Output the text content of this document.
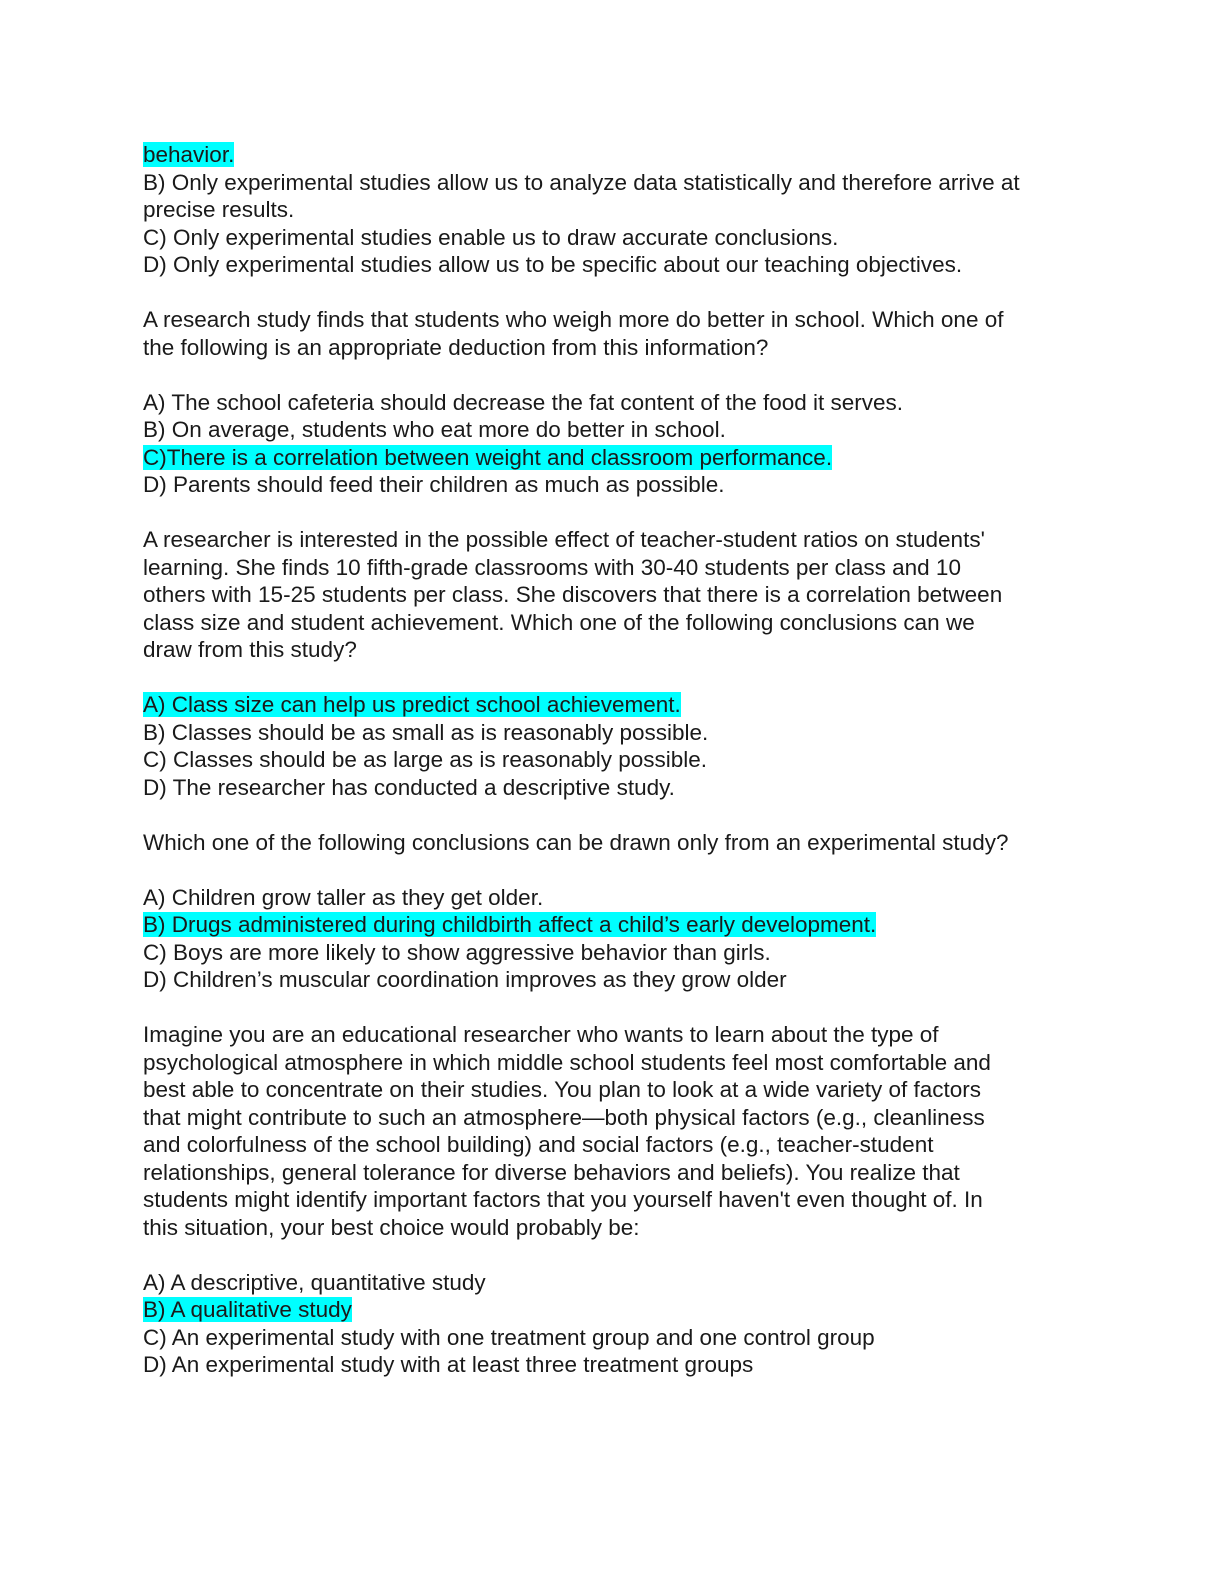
behavior.
B) Only experimental studies allow us to analyze data statistically and therefore arrive at
precise results.
C) Only experimental studies enable us to draw accurate conclusions.
D) Only experimental studies allow us to be specific about our teaching objectives.
A research study finds that students who weigh more do better in school. Which one of
the following is an appropriate deduction from this information?
A) The school cafeteria should decrease the fat content of the food it serves.
B) On average, students who eat more do better in school.
C)There is a correlation between weight and classroom performance.
D) Parents should feed their children as much as possible.
A researcher is interested in the possible effect of teacher-student ratios on students'
learning. She finds 10 fifth-grade classrooms with 30-40 students per class and 10
others with 15-25 students per class. She discovers that there is a correlation between
class size and student achievement. Which one of the following conclusions can we
draw from this study?
A) Class size can help us predict school achievement.
B) Classes should be as small as is reasonably possible.
C) Classes should be as large as is reasonably possible.
D) The researcher has conducted a descriptive study.
Which one of the following conclusions can be drawn only from an experimental study?
A) Children grow taller as they get older.
B) Drugs administered during childbirth affect a child’s early development.
C) Boys are more likely to show aggressive behavior than girls.
D) Children’s muscular coordination improves as they grow older
Imagine you are an educational researcher who wants to learn about the type of
psychological atmosphere in which middle school students feel most comfortable and
best able to concentrate on their studies. You plan to look at a wide variety of factors
that might contribute to such an atmosphere—both physical factors (e.g., cleanliness
and colorfulness of the school building) and social factors (e.g., teacher-student
relationships, general tolerance for diverse behaviors and beliefs). You realize that
students might identify important factors that you yourself haven't even thought of. In
this situation, your best choice would probably be:
A) A descriptive, quantitative study
B) A qualitative study
C) An experimental study with one treatment group and one control group
D) An experimental study with at least three treatment groups
